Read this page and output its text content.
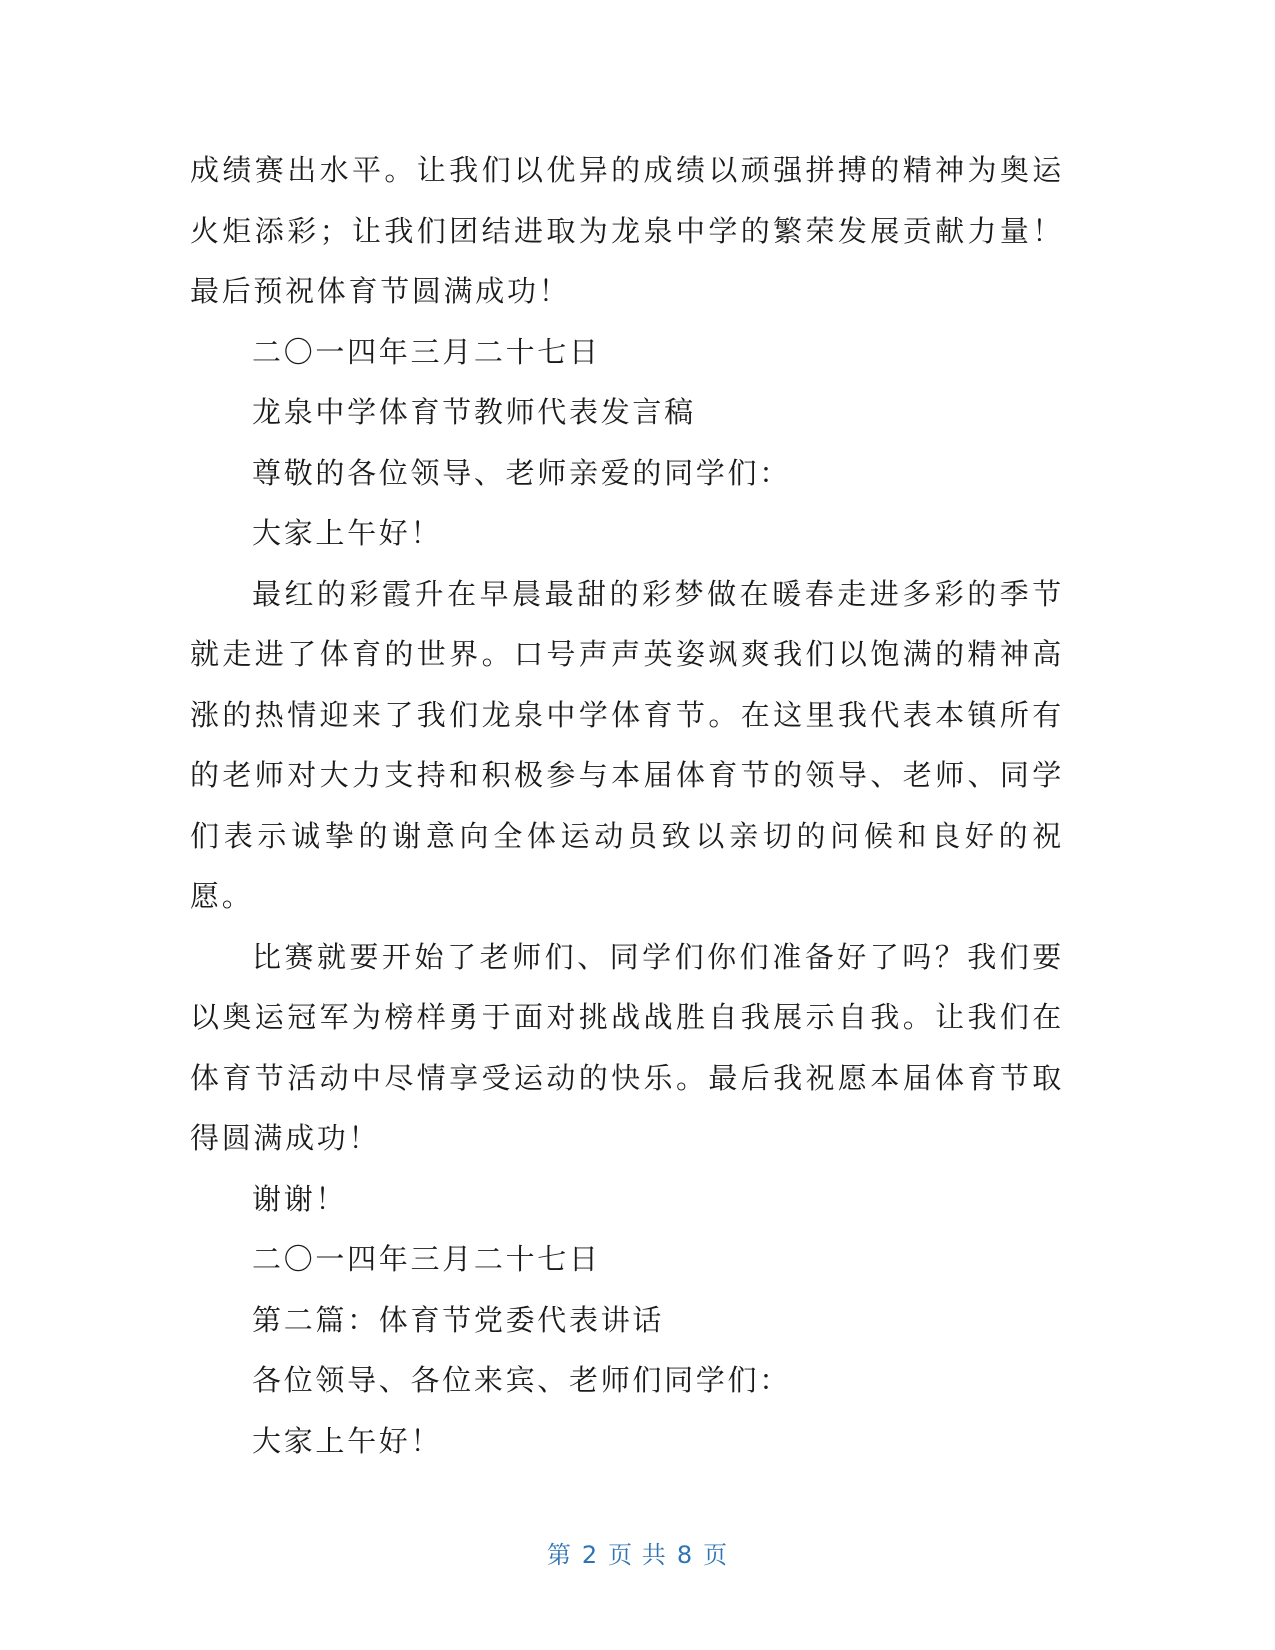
成绩赛出水平。让我们以优异的成绩以顽强拼搏的精神为奥运火炬添彩；让我们团结进取为龙泉中学的繁荣发展贡献力量！最后预祝体育节圆满成功！

二〇一四年三月二十七日

龙泉中学体育节教师代表发言稿

尊敬的各位领导、老师亲爱的同学们：

大家上午好！

最红的彩霞升在早晨最甜的彩梦做在暖春走进多彩的季节就走进了体育的世界。口号声声英姿飒爽我们以饱满的精神高涨的热情迎来了我们龙泉中学体育节。在这里我代表本镇所有的老师对大力支持和积极参与本届体育节的领导、老师、同学们表示诚挚的谢意向全体运动员致以亲切的问候和良好的祝愿。

比赛就要开始了老师们、同学们你们准备好了吗？我们要以奥运冠军为榜样勇于面对挑战战胜自我展示自我。让我们在体育节活动中尽情享受运动的快乐。最后我祝愿本届体育节取得圆满成功！

谢谢！

二〇一四年三月二十七日

第二篇：体育节党委代表讲话

各位领导、各位来宾、老师们同学们：

大家上午好！

第 2 页 共 8 页
